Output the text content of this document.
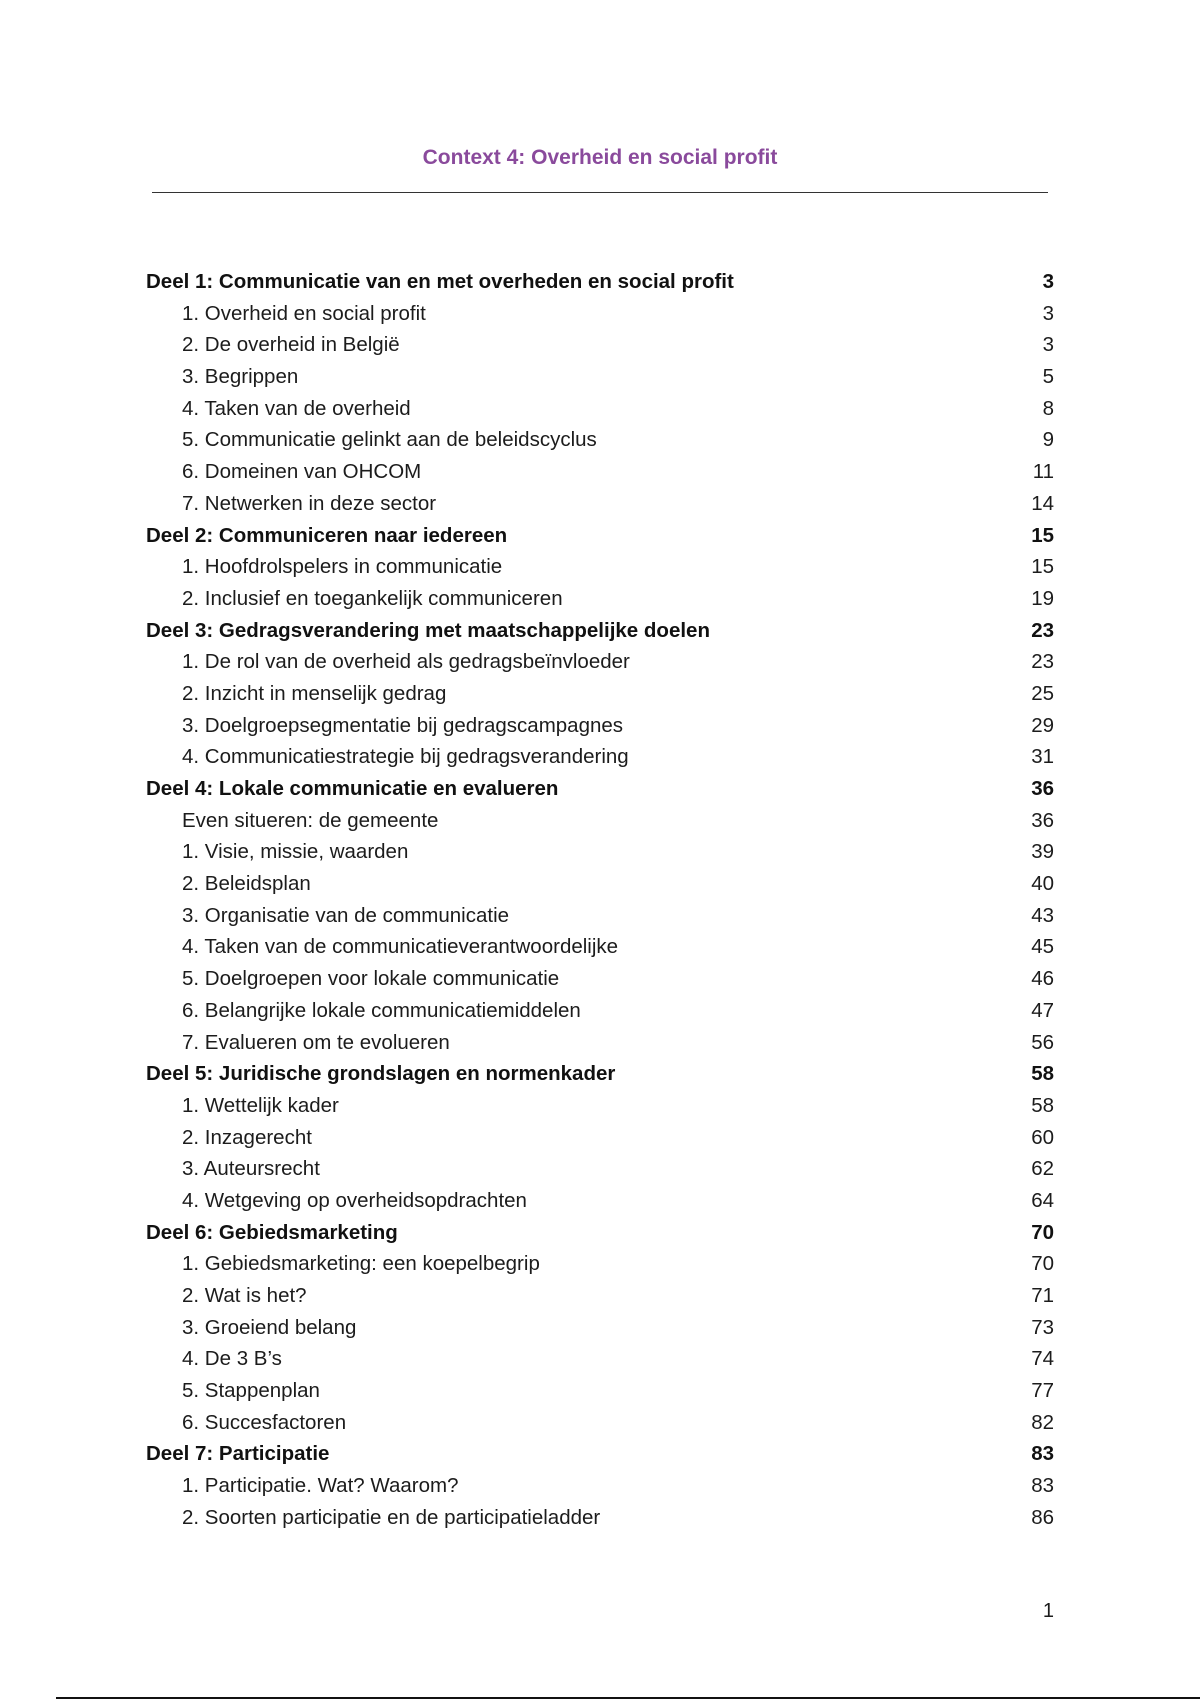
Context 4: Overheid en social profit
Deel 1: Communicatie van en met overheden en social profit	3
1. Overheid en social profit	3
2. De overheid in België	3
3. Begrippen	5
4. Taken van de overheid	8
5. Communicatie gelinkt aan de beleidscyclus	9
6. Domeinen van OHCOM	11
7. Netwerken in deze sector	14
Deel 2: Communiceren naar iedereen	15
1. Hoofdrolspelers in communicatie	15
2. Inclusief en toegankelijk communiceren	19
Deel 3: Gedragsverandering met maatschappelijke doelen	23
1. De rol van de overheid als gedragsbeïnvloeder	23
2. Inzicht in menselijk gedrag	25
3. Doelgroepsegmentatie bij gedragscampagnes	29
4. Communicatiestrategie bij gedragsverandering	31
Deel 4: Lokale communicatie en evalueren	36
Even situeren: de gemeente	36
1. Visie, missie, waarden	39
2. Beleidsplan	40
3. Organisatie van de communicatie	43
4. Taken van de communicatieverantwoordelijke	45
5. Doelgroepen voor lokale communicatie	46
6. Belangrijke lokale communicatiemiddelen	47
7. Evalueren om te evolueren	56
Deel 5: Juridische grondslagen en normenkader	58
1. Wettelijk kader	58
2. Inzagerecht	60
3. Auteursrecht	62
4. Wetgeving op overheidsopdrachten	64
Deel 6: Gebiedsmarketing	70
1. Gebiedsmarketing: een koepelbegrip	70
2. Wat is het?	71
3. Groeiend belang	73
4. De 3 B’s	74
5. Stappenplan	77
6. Succesfactoren	82
Deel 7: Participatie	83
1. Participatie. Wat? Waarom?	83
2. Soorten participatie en de participatieladder	86
1
